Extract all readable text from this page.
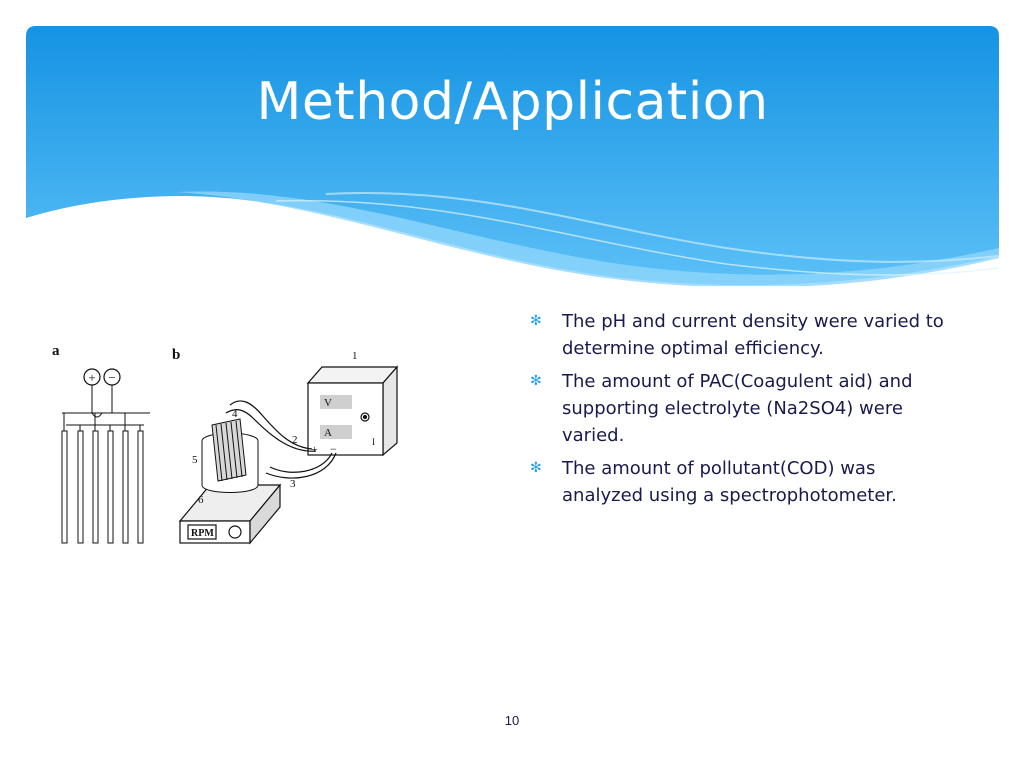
Method/Application
a
+ −
b
V
A
+ −	I
1
2
3
RPM
4
5
6
✻ The pH and current density were varied to determine optimal efficiency.
✻ The amount of PAC(Coagulent aid) and supporting electrolyte (Na2SO4) were varied.
✻ The amount of pollutant(COD) was analyzed using a spectrophotometer.
10
